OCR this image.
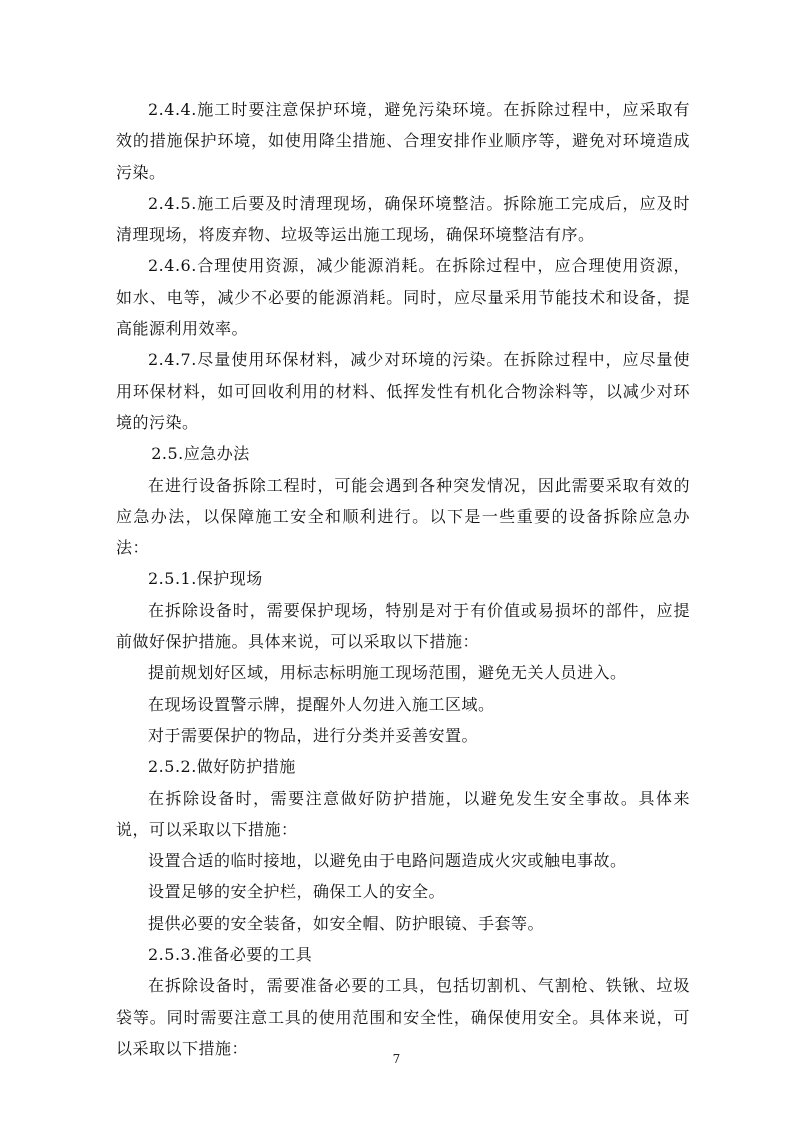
2.4.4.施工时要注意保护环境，避免污染环境。在拆除过程中，应采取有效的措施保护环境，如使用降尘措施、合理安排作业顺序等，避免对环境造成污染。

2.4.5.施工后要及时清理现场，确保环境整洁。拆除施工完成后，应及时清理现场，将废弃物、垃圾等运出施工现场，确保环境整洁有序。

2.4.6.合理使用资源，减少能源消耗。在拆除过程中，应合理使用资源，如水、电等，减少不必要的能源消耗。同时，应尽量采用节能技术和设备，提高能源利用效率。

2.4.7.尽量使用环保材料，减少对环境的污染。在拆除过程中，应尽量使用环保材料，如可回收利用的材料、低挥发性有机化合物涂料等，以减少对环境的污染。

2.5.应急办法

在进行设备拆除工程时，可能会遇到各种突发情况，因此需要采取有效的应急办法，以保障施工安全和顺利进行。以下是一些重要的设备拆除应急办法：

2.5.1.保护现场

在拆除设备时，需要保护现场，特别是对于有价值或易损坏的部件，应提前做好保护措施。具体来说，可以采取以下措施：

提前规划好区域，用标志标明施工现场范围，避免无关人员进入。

在现场设置警示牌，提醒外人勿进入施工区域。

对于需要保护的物品，进行分类并妥善安置。

2.5.2.做好防护措施

在拆除设备时，需要注意做好防护措施，以避免发生安全事故。具体来说，可以采取以下措施：

设置合适的临时接地，以避免由于电路问题造成火灾或触电事故。

设置足够的安全护栏，确保工人的安全。

提供必要的安全装备，如安全帽、防护眼镜、手套等。

2.5.3.准备必要的工具

在拆除设备时，需要准备必要的工具，包括切割机、气割枪、铁锹、垃圾袋等。同时需要注意工具的使用范围和安全性，确保使用安全。具体来说，可以采取以下措施：

7
